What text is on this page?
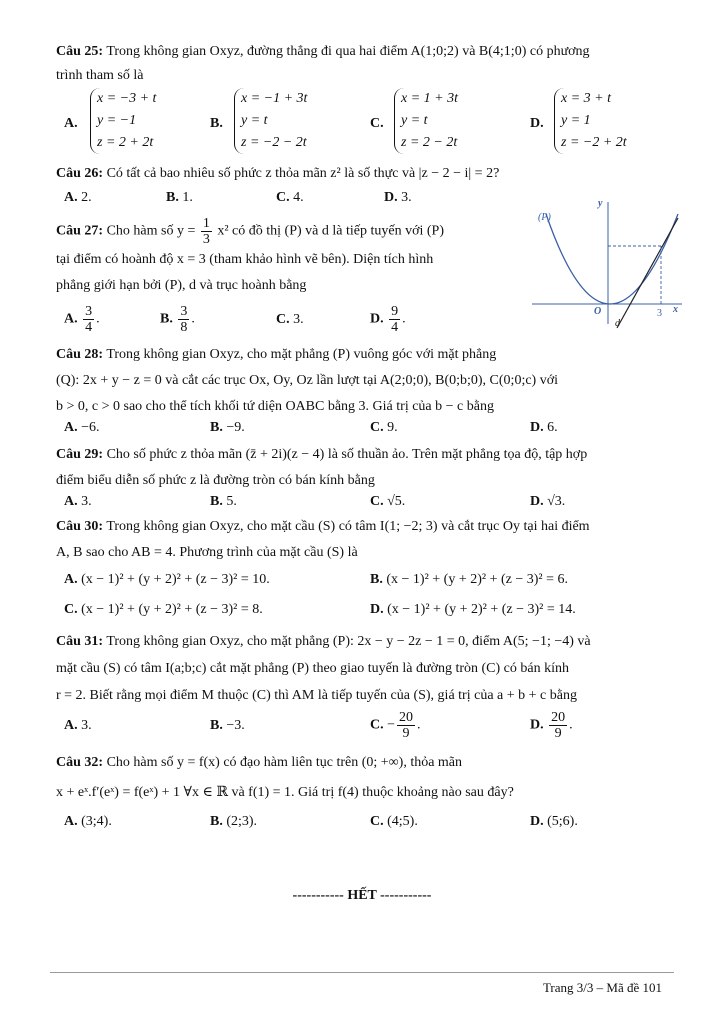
Câu 25: Trong không gian Oxyz, đường thẳng đi qua hai điểm A(1;0;2) và B(4;1;0) có phương
trình tham số là
A.
x = −3 + t
y = −1
z = 2 + 2t
B.
x = −1 + 3t
y = t
z = −2 − 2t
C.
x = 1 + 3t
y = t
z = 2 − 2t
D.
x = 3 + t
y = 1
z = −2 + 2t
Câu 26: Có tất cả bao nhiêu số phức z thỏa mãn z² là số thực và |z − 2 − i| = 2?
A. 2.	B. 1.	C. 4.	D. 3.
Câu 27: Cho hàm số $y = \frac{1}{3} x^2$ có đồ thị (P) và d là tiếp tuyến với (P)
tại điểm có hoành độ x = 3 (tham khảo hình vẽ bên). Diện tích hình
phẳng giới hạn bởi (P), d và trục hoành bằng
A. $\frac{3}{4}$ .	B. $\frac{3}{8}$ .	C. 3.	D. $\frac{9}{4}$ .
(P)
y
x
O	3
d
Câu 28: Trong không gian Oxyz, cho mặt phẳng (P) vuông góc với mặt phẳng
(Q): 2x + y − z = 0 và cắt các trục Ox, Oy, Oz lần lượt tại A(2;0;0), B(0;b;0), C(0;0;c) với
b > 0, c > 0 sao cho thể tích khối tứ diện OABC bằng 3. Giá trị của b − c bằng
A. −6.	B. −9.	C. 9.	D. 6.
Câu 29: Cho số phức z thỏa mãn (z̄ + 2i)(z − 4) là số thuần ảo. Trên mặt phẳng tọa độ, tập hợp
điểm biểu diễn số phức z là đường tròn có bán kính bằng
A. 3.	B. 5.	C. √5.	D. √3.
Câu 30: Trong không gian Oxyz, cho mặt cầu (S) có tâm I(1; −2; 3) và cắt trục Oy tại hai điểm
A, B sao cho AB = 4. Phương trình của mặt cầu (S) là
A. (x − 1)² + (y + 2)² + (z − 3)² = 10.	B. (x − 1)² + (y + 2)² + (z − 3)² = 6.
C. (x − 1)² + (y + 2)² + (z − 3)² = 8.	D. (x − 1)² + (y + 2)² + (z − 3)² = 14.
Câu 31: Trong không gian Oxyz, cho mặt phẳng (P): 2x − y − 2z − 1 = 0, điểm A(5; −1; −4) và
mặt cầu (S) có tâm I(a;b;c) cắt mặt phẳng (P) theo giao tuyến là đường tròn (C) có bán kính
r = 2. Biết rằng mọi điểm M thuộc (C) thì AM là tiếp tuyến của (S), giá trị của a + b + c bằng
A. 3.	B. −3.	C. − $\frac{20}{9}$ .	D. $\frac{20}{9}$ .
Câu 32: Cho hàm số y = f(x) có đạo hàm liên tục trên (0; +∞), thỏa mãn
x + eˣ.f′(eˣ) = f(eˣ) + 1 ∀x ∈ ℝ và f(1) = 1. Giá trị f(4) thuộc khoảng nào sau đây?
A. (3;4).	B. (2;3).	C. (4;5).	D. (5;6).
----------- HẾT -----------
Trang 3/3 – Mã đề 101
